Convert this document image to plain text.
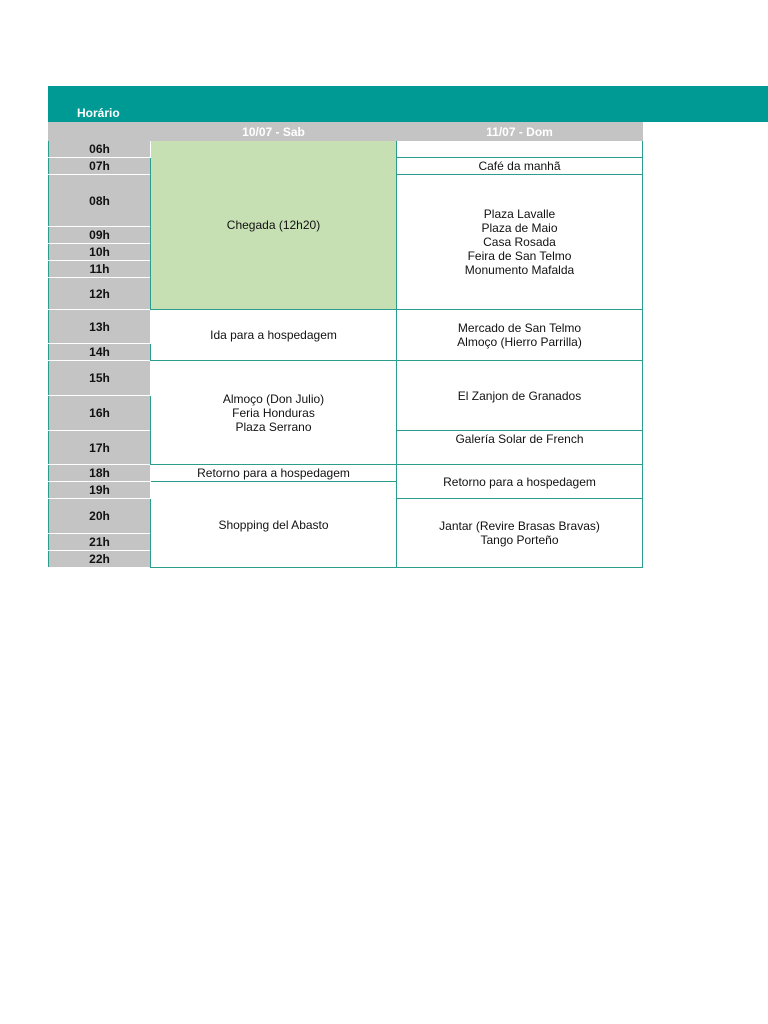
Horário
	10/07 - Sab	11/07 - Dom
06h	Chegada (12h20)	
07h		Café da manhã
08h		Plaza Lavalle
Plaza de Maio
Casa Rosada
Feira de San Telmo
Monumento Mafalda

09h		
10h		
11h		
12h		
13h	Ida para a hospedagem	Mercado de San Telmo
Almoço (Hierro Parrilla)

14h		
15h	Almoço (Don Julio)
Feria Honduras
Plaza Serrano	El Zanjon de Granados
16h		
17h		Galería Solar de French
18h	Retorno para a hospedagem	Retorno para a hospedagem
19h	Shopping del Abasto	
20h		Jantar (Revire Brasas Bravas)
Tango Porteño

21h		
22h		
